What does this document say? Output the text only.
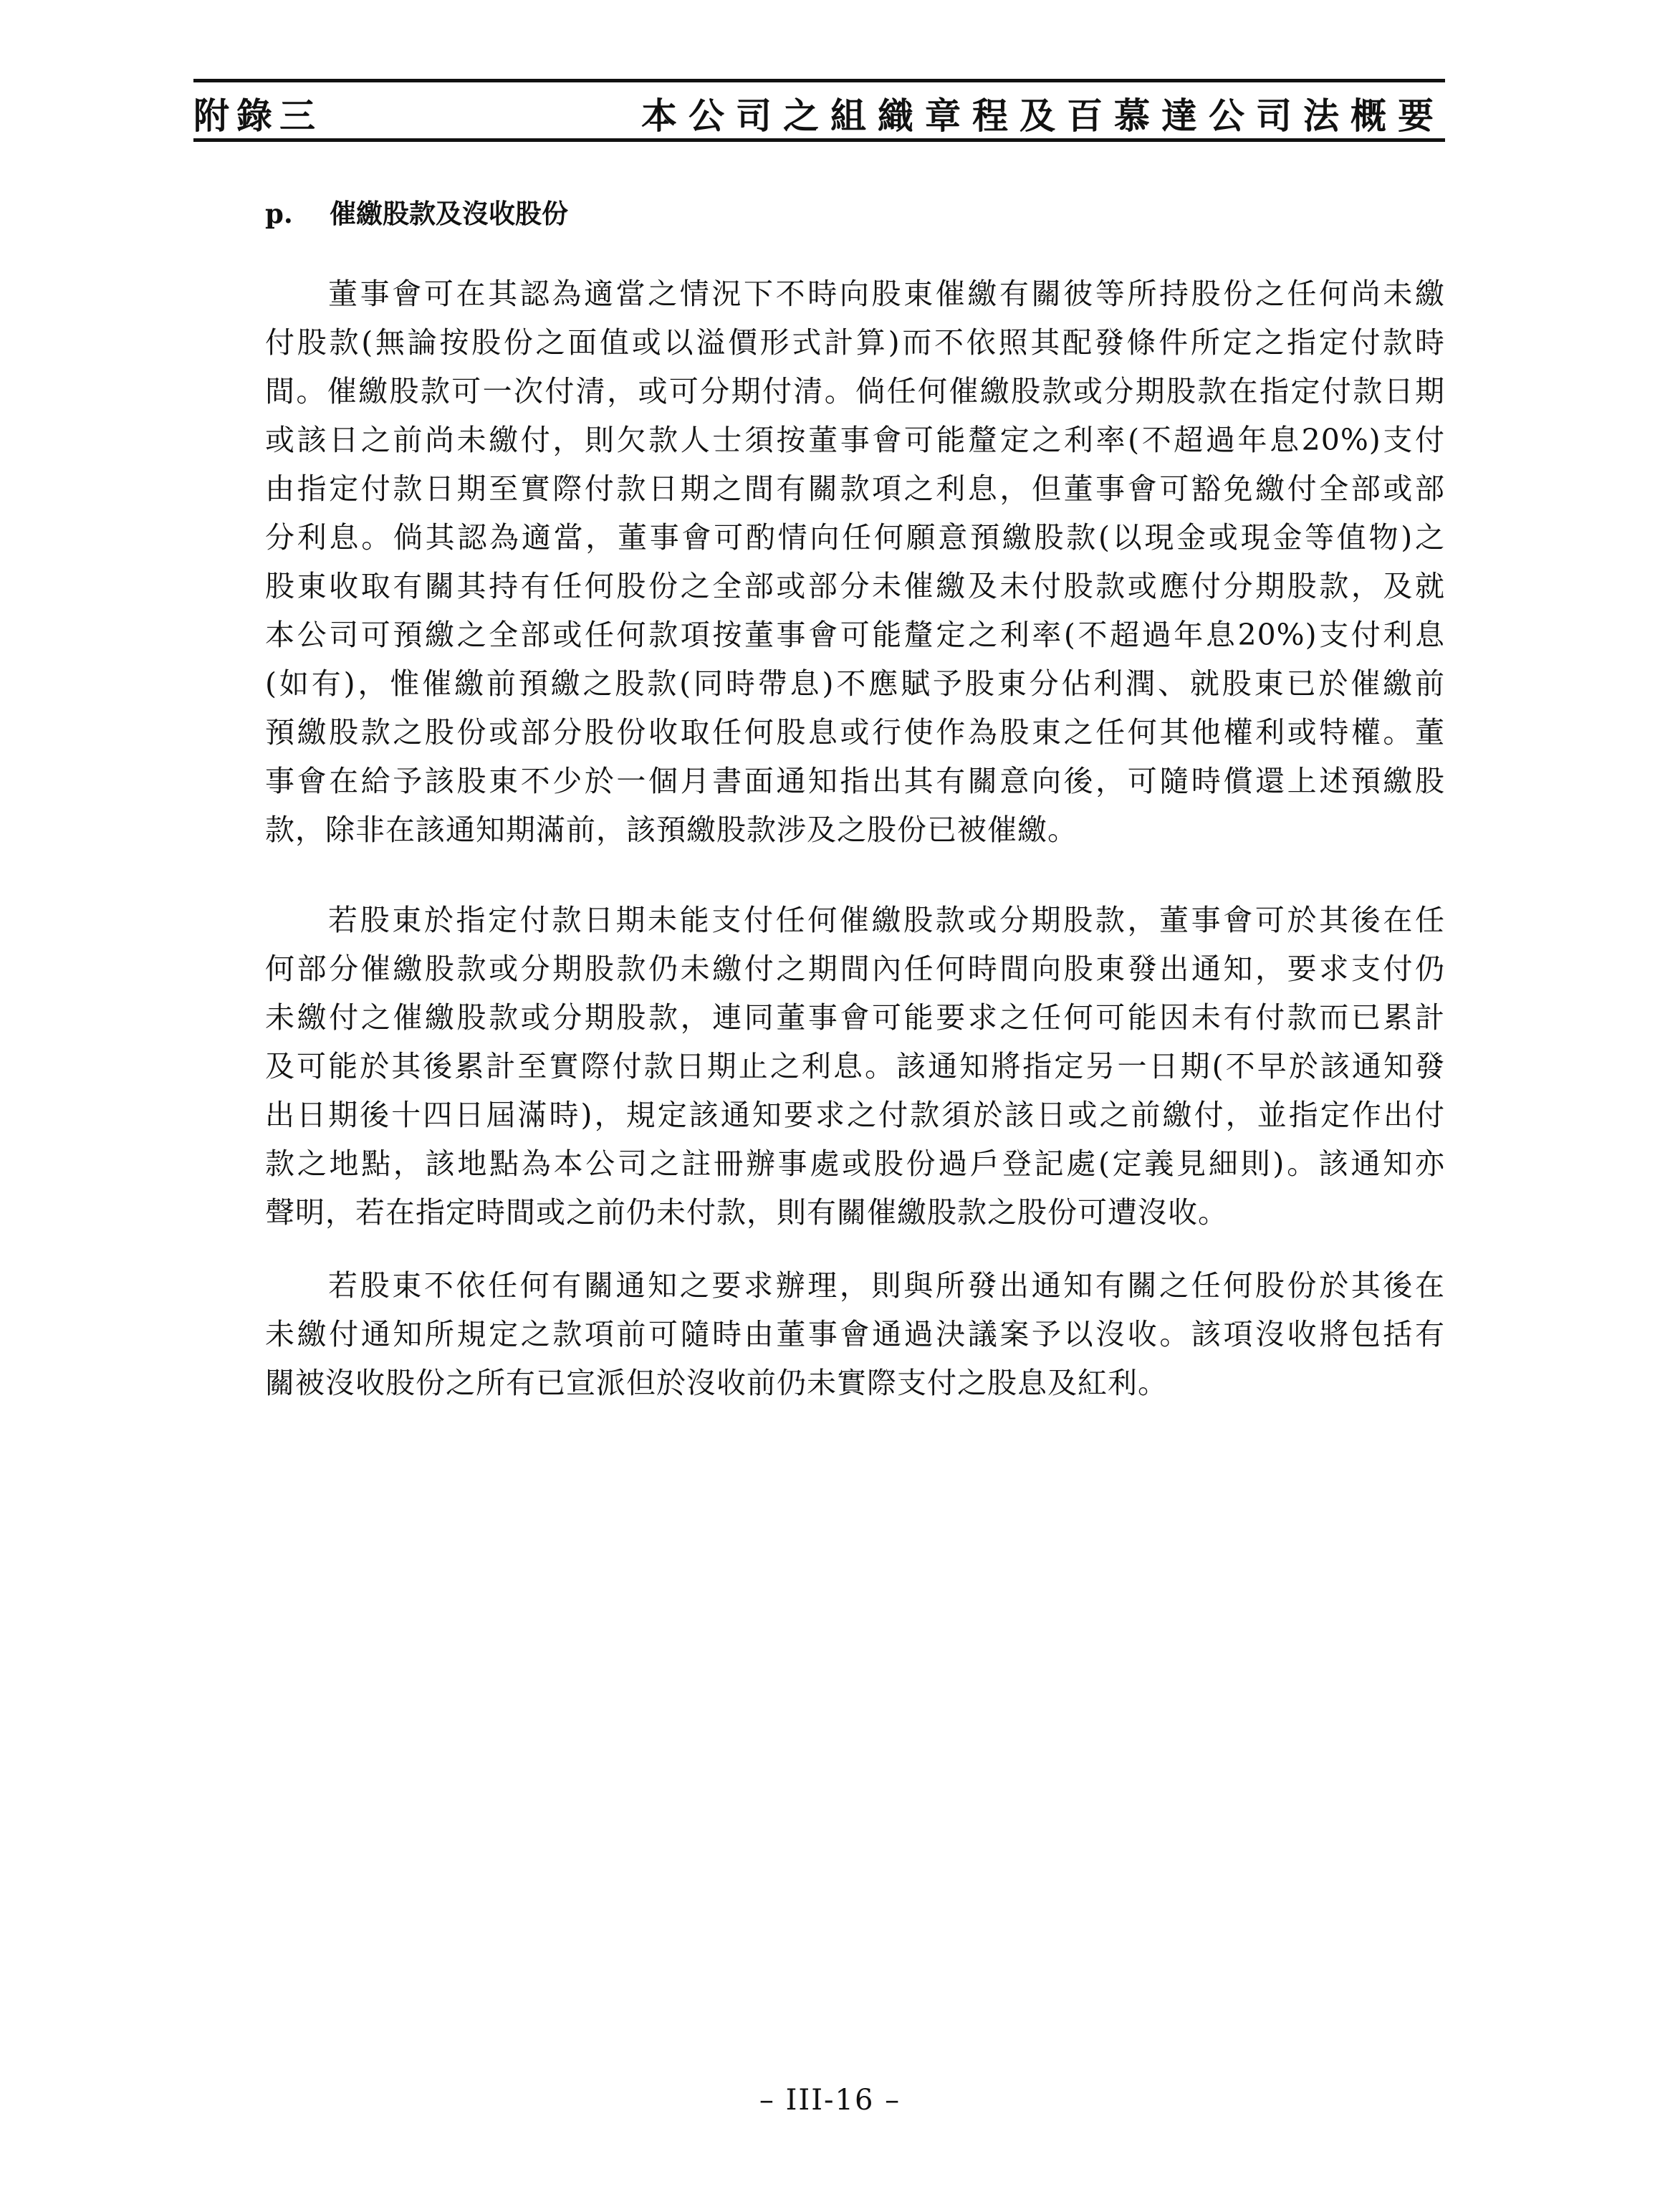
附錄三	本公司之組織章程及百慕達公司法概要
p. 催繳股款及沒收股份
董事會可在其認為適當之情況下不時向股東催繳有關彼等所持股份之任何尚未繳
付股款(無論按股份之面值或以溢價形式計算)而不依照其配發條件所定之指定付款時
間。催繳股款可一次付清，或可分期付清。倘任何催繳股款或分期股款在指定付款日期
或該日之前尚未繳付，則欠款人士須按董事會可能釐定之利率(不超過年息20%)支付
由指定付款日期至實際付款日期之間有關款項之利息，但董事會可豁免繳付全部或部
分利息。倘其認為適當，董事會可酌情向任何願意預繳股款(以現金或現金等值物)之
股東收取有關其持有任何股份之全部或部分未催繳及未付股款或應付分期股款，及就
本公司可預繳之全部或任何款項按董事會可能釐定之利率(不超過年息20%)支付利息
(如有)，惟催繳前預繳之股款(同時帶息)不應賦予股東分佔利潤、就股東已於催繳前
預繳股款之股份或部分股份收取任何股息或行使作為股東之任何其他權利或特權。董
事會在給予該股東不少於一個月書面通知指出其有關意向後，可隨時償還上述預繳股
款，除非在該通知期滿前，該預繳股款涉及之股份已被催繳。
若股東於指定付款日期未能支付任何催繳股款或分期股款，董事會可於其後在任
何部分催繳股款或分期股款仍未繳付之期間內任何時間向股東發出通知，要求支付仍
未繳付之催繳股款或分期股款，連同董事會可能要求之任何可能因未有付款而已累計
及可能於其後累計至實際付款日期止之利息。該通知將指定另一日期(不早於該通知發
出日期後十四日屆滿時)，規定該通知要求之付款須於該日或之前繳付，並指定作出付
款之地點，該地點為本公司之註冊辦事處或股份過戶登記處(定義見細則)。該通知亦
聲明，若在指定時間或之前仍未付款，則有關催繳股款之股份可遭沒收。
若股東不依任何有關通知之要求辦理，則與所發出通知有關之任何股份於其後在
未繳付通知所規定之款項前可隨時由董事會通過決議案予以沒收。該項沒收將包括有
關被沒收股份之所有已宣派但於沒收前仍未實際支付之股息及紅利。
– III-16 –
